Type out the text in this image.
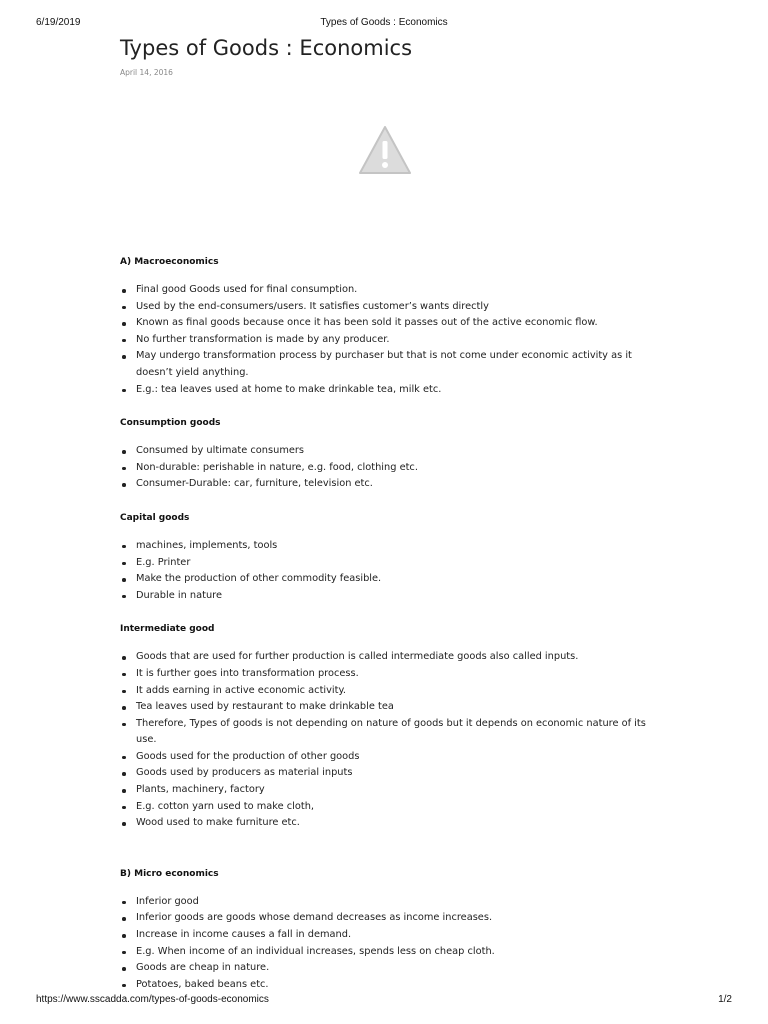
6/19/2019	Types of Goods : Economics
Types of Goods : Economics
April 14, 2016
A) Macroeconomics
Final good Goods used for final consumption.
Used by the end-consumers/users. It satisfies customer’s wants directly
Known as final goods because once it has been sold it passes out of the active economic flow.
No further transformation is made by any producer.
May undergo transformation process by purchaser but that is not come under economic activity as it doesn’t yield anything.
E.g.: tea leaves used at home to make drinkable tea, milk etc.
Consumption goods
Consumed by ultimate consumers
Non-durable: perishable in nature, e.g. food, clothing etc.
Consumer-Durable: car, furniture, television etc.
Capital goods
machines, implements, tools
E.g. Printer
Make the production of other commodity feasible.
Durable in nature
Intermediate good
Goods that are used for further production is called intermediate goods also called inputs.
It is further goes into transformation process.
It adds earning in active economic activity.
Tea leaves used by restaurant to make drinkable tea
Therefore, Types of goods is not depending on nature of goods but it depends on economic nature of its use.
Goods used for the production of other goods
Goods used by producers as material inputs
Plants, machinery, factory
E.g. cotton yarn used to make cloth,
Wood used to make furniture etc.
B) Micro economics
Inferior good
Inferior goods are goods whose demand decreases as income increases.
Increase in income causes a fall in demand.
E.g. When income of an individual increases, spends less on cheap cloth.
Goods are cheap in nature.
Potatoes, baked beans etc.
https://www.sscadda.com/types-of-goods-economics	1/2
